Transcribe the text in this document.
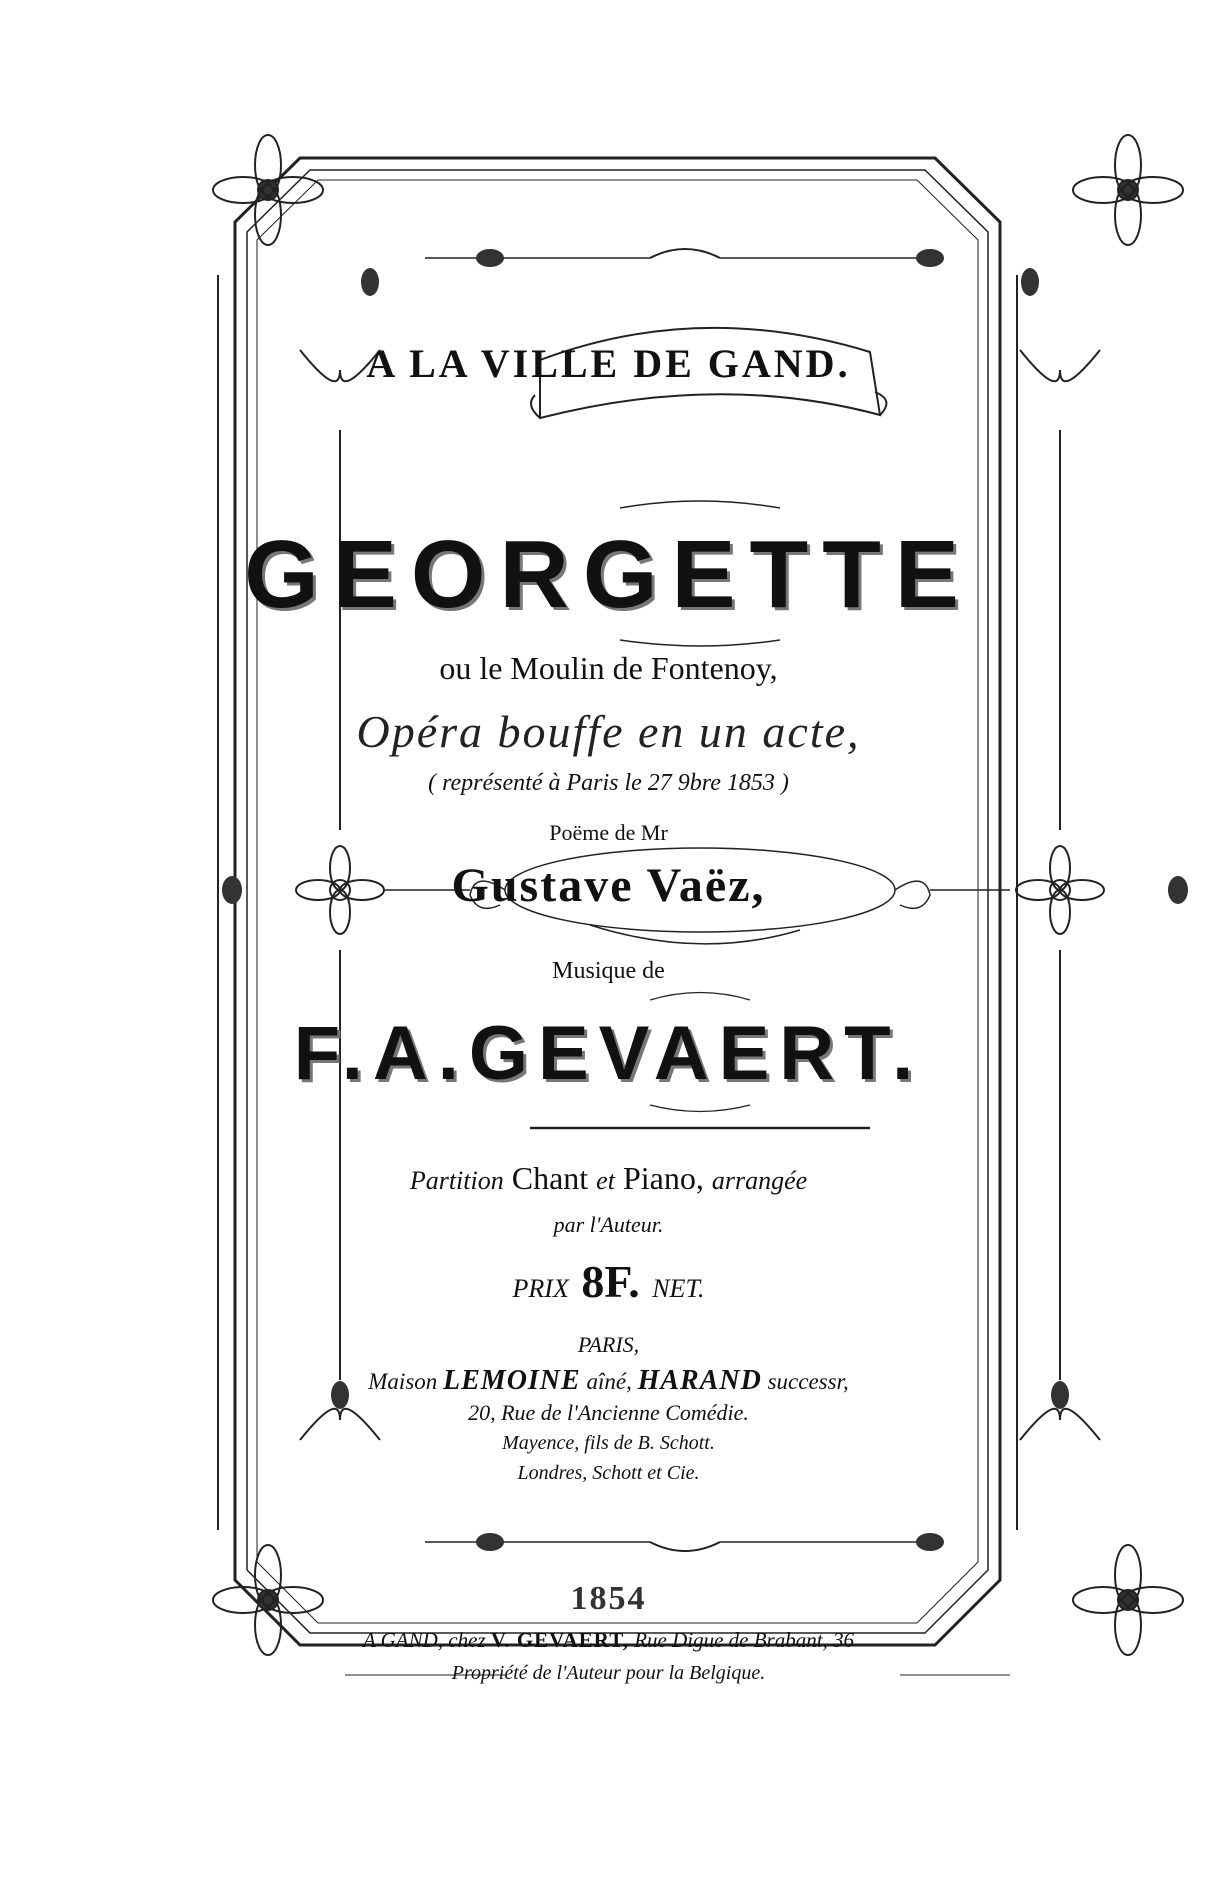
A LA VILLE DE GAND.
GEORGETTE
ou le Moulin de Fontenoy,
Opéra bouffe en un acte,
( représenté à Paris le 27 9bre 1853 )
Poëme de Mr
Gustave Vaëz,
Musique de
F.A.GEVAERT.
Partition Chant et Piano, arrangée
par l'Auteur.
PRIX 8F. NET.
PARIS,
Maison LEMOINE aîné, HARAND successr,
20, Rue de l'Ancienne Comédie.
Mayence, fils de B. Schott.
Londres, Schott et Cie.
1854
A GAND, chez V. GEVAERT, Rue Digue de Brabant, 36
Propriété de l'Auteur pour la Belgique.
